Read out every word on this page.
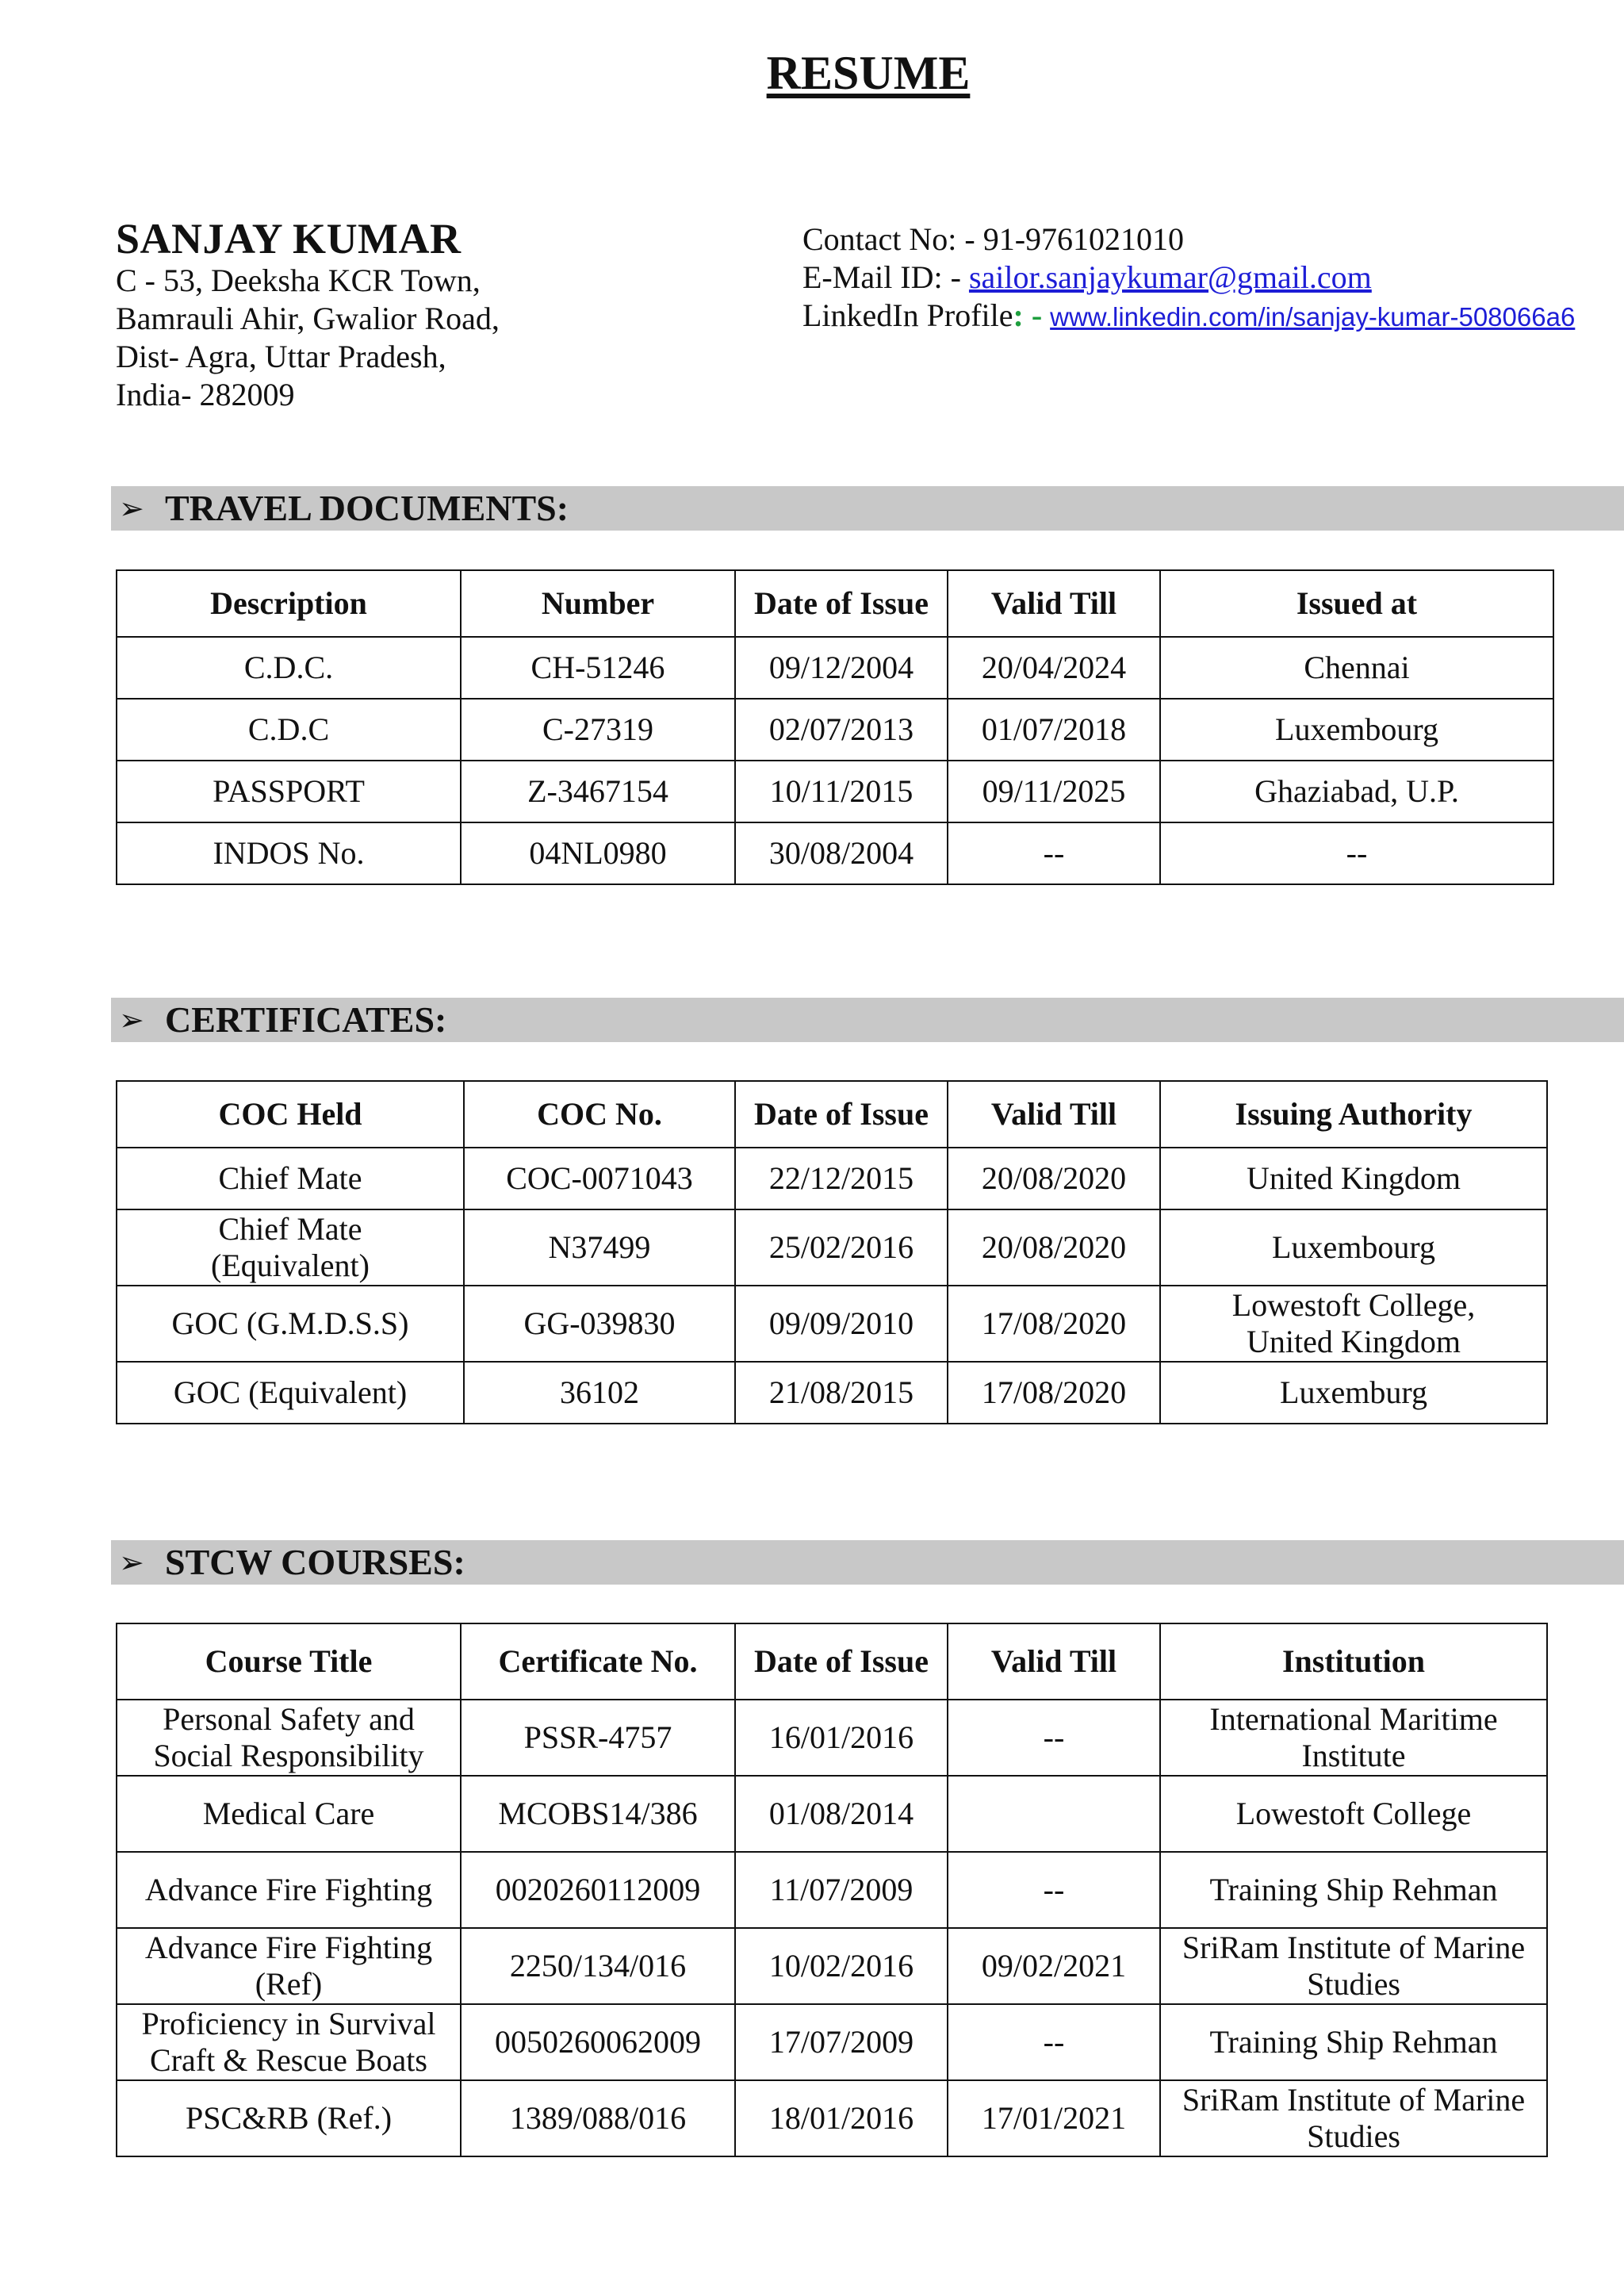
RESUME
SANJAY KUMAR
C - 53, Deeksha KCR Town,
Bamrauli Ahir, Gwalior Road,
Dist- Agra, Uttar Pradesh,
India- 282009
Contact No: - 91-9761021010
E-Mail ID: - sailor.sanjaykumar@gmail.com
LinkedIn Profile: - www.linkedin.com/in/sanjay-kumar-508066a6
➢ TRAVEL DOCUMENTS:
Description	Number	Date of Issue	Valid Till	Issued at
C.D.C.	CH-51246	09/12/2004	20/04/2024	Chennai
C.D.C	C-27319	02/07/2013	01/07/2018	Luxembourg
PASSPORT	Z-3467154	10/11/2015	09/11/2025	Ghaziabad, U.P.
INDOS No.	04NL0980	30/08/2004	--	--
➢ CERTIFICATES:
COC Held	COC No.	Date of Issue	Valid Till	Issuing Authority
Chief Mate	COC-0071043	22/12/2015	20/08/2020	United Kingdom
Chief Mate
(Equivalent)	N37499	25/02/2016	20/08/2020	Luxembourg
GOC (G.M.D.S.S)	GG-039830	09/09/2010	17/08/2020	Lowestoft College,
United Kingdom
GOC (Equivalent)	36102	21/08/2015	17/08/2020	Luxemburg
➢ STCW COURSES:
Course Title	Certificate No.	Date of Issue	Valid Till	Institution
Personal Safety and
Social Responsibility	PSSR-4757	16/01/2016	--	International Maritime
Institute
Medical Care	MCOBS14/386	01/08/2014		Lowestoft College
Advance Fire Fighting	0020260112009	11/07/2009	--	Training Ship Rehman
Advance Fire Fighting
(Ref)	2250/134/016	10/02/2016	09/02/2021	SriRam Institute of Marine
Studies
Proficiency in Survival
Craft & Rescue Boats	0050260062009	17/07/2009	--	Training Ship Rehman
PSC&RB (Ref.)	1389/088/016	18/01/2016	17/01/2021	SriRam Institute of Marine
Studies
